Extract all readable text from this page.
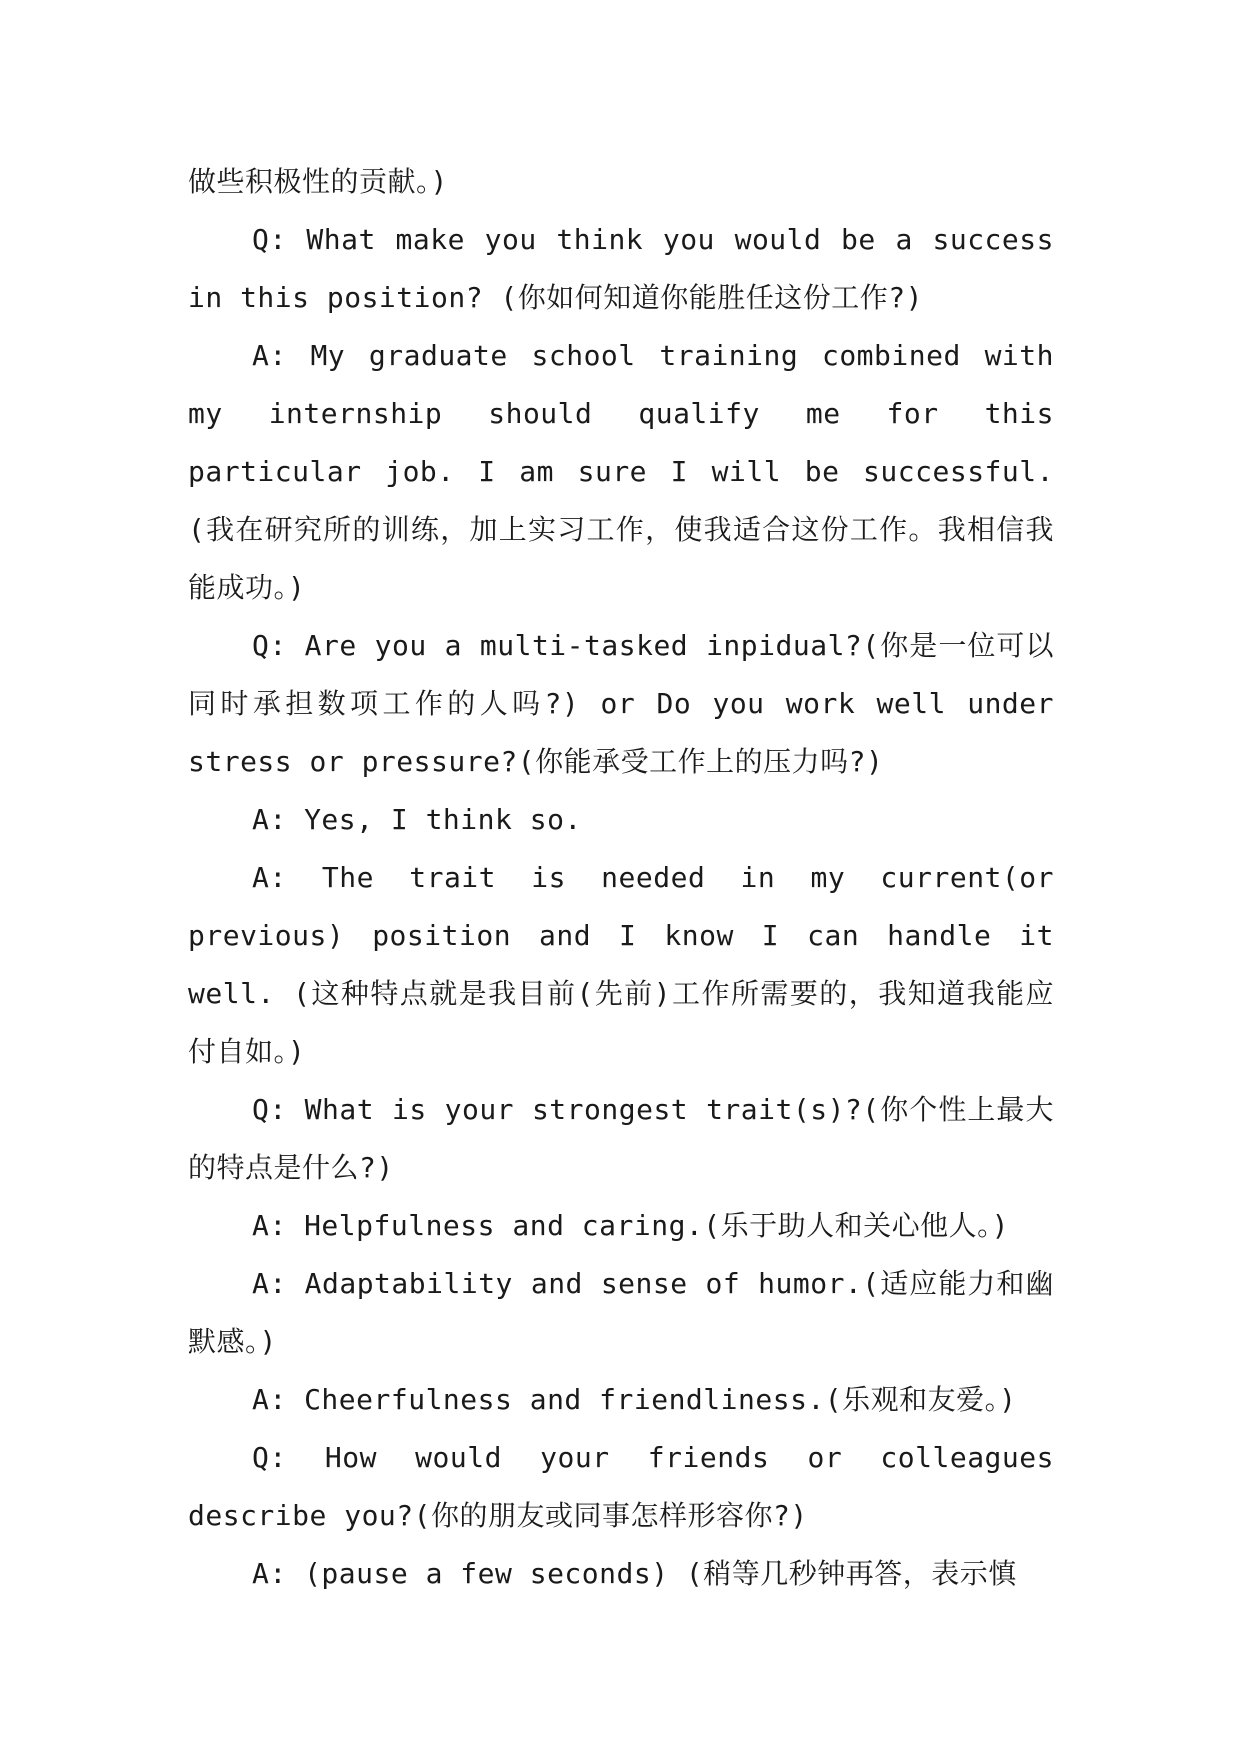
做些积极性的贡献。)

Q: What make you think you would be a success in this position? (你如何知道你能胜任这份工作?)

A: My graduate school training combined with my internship should qualify me for this particular job. I am sure I will be successful. (我在研究所的训练，加上实习工作，使我适合这份工作。我相信我能成功。)

Q: Are you a multi-tasked inpidual?(你是一位可以同时承担数项工作的人吗?) or Do you work well under stress or pressure?(你能承受工作上的压力吗?)

A: Yes, I think so.

A: The trait is needed in my current(or previous) position and I know I can handle it well. (这种特点就是我目前(先前)工作所需要的，我知道我能应付自如。)

Q: What is your strongest trait(s)?(你个性上最大的特点是什么?)

A: Helpfulness and caring.(乐于助人和关心他人。)

A: Adaptability and sense of humor.(适应能力和幽默感。)

A: Cheerfulness and friendliness.(乐观和友爱。)

Q: How would your friends or colleagues describe you?(你的朋友或同事怎样形容你?)

A: (pause a few seconds) (稍等几秒钟再答，表示慎
